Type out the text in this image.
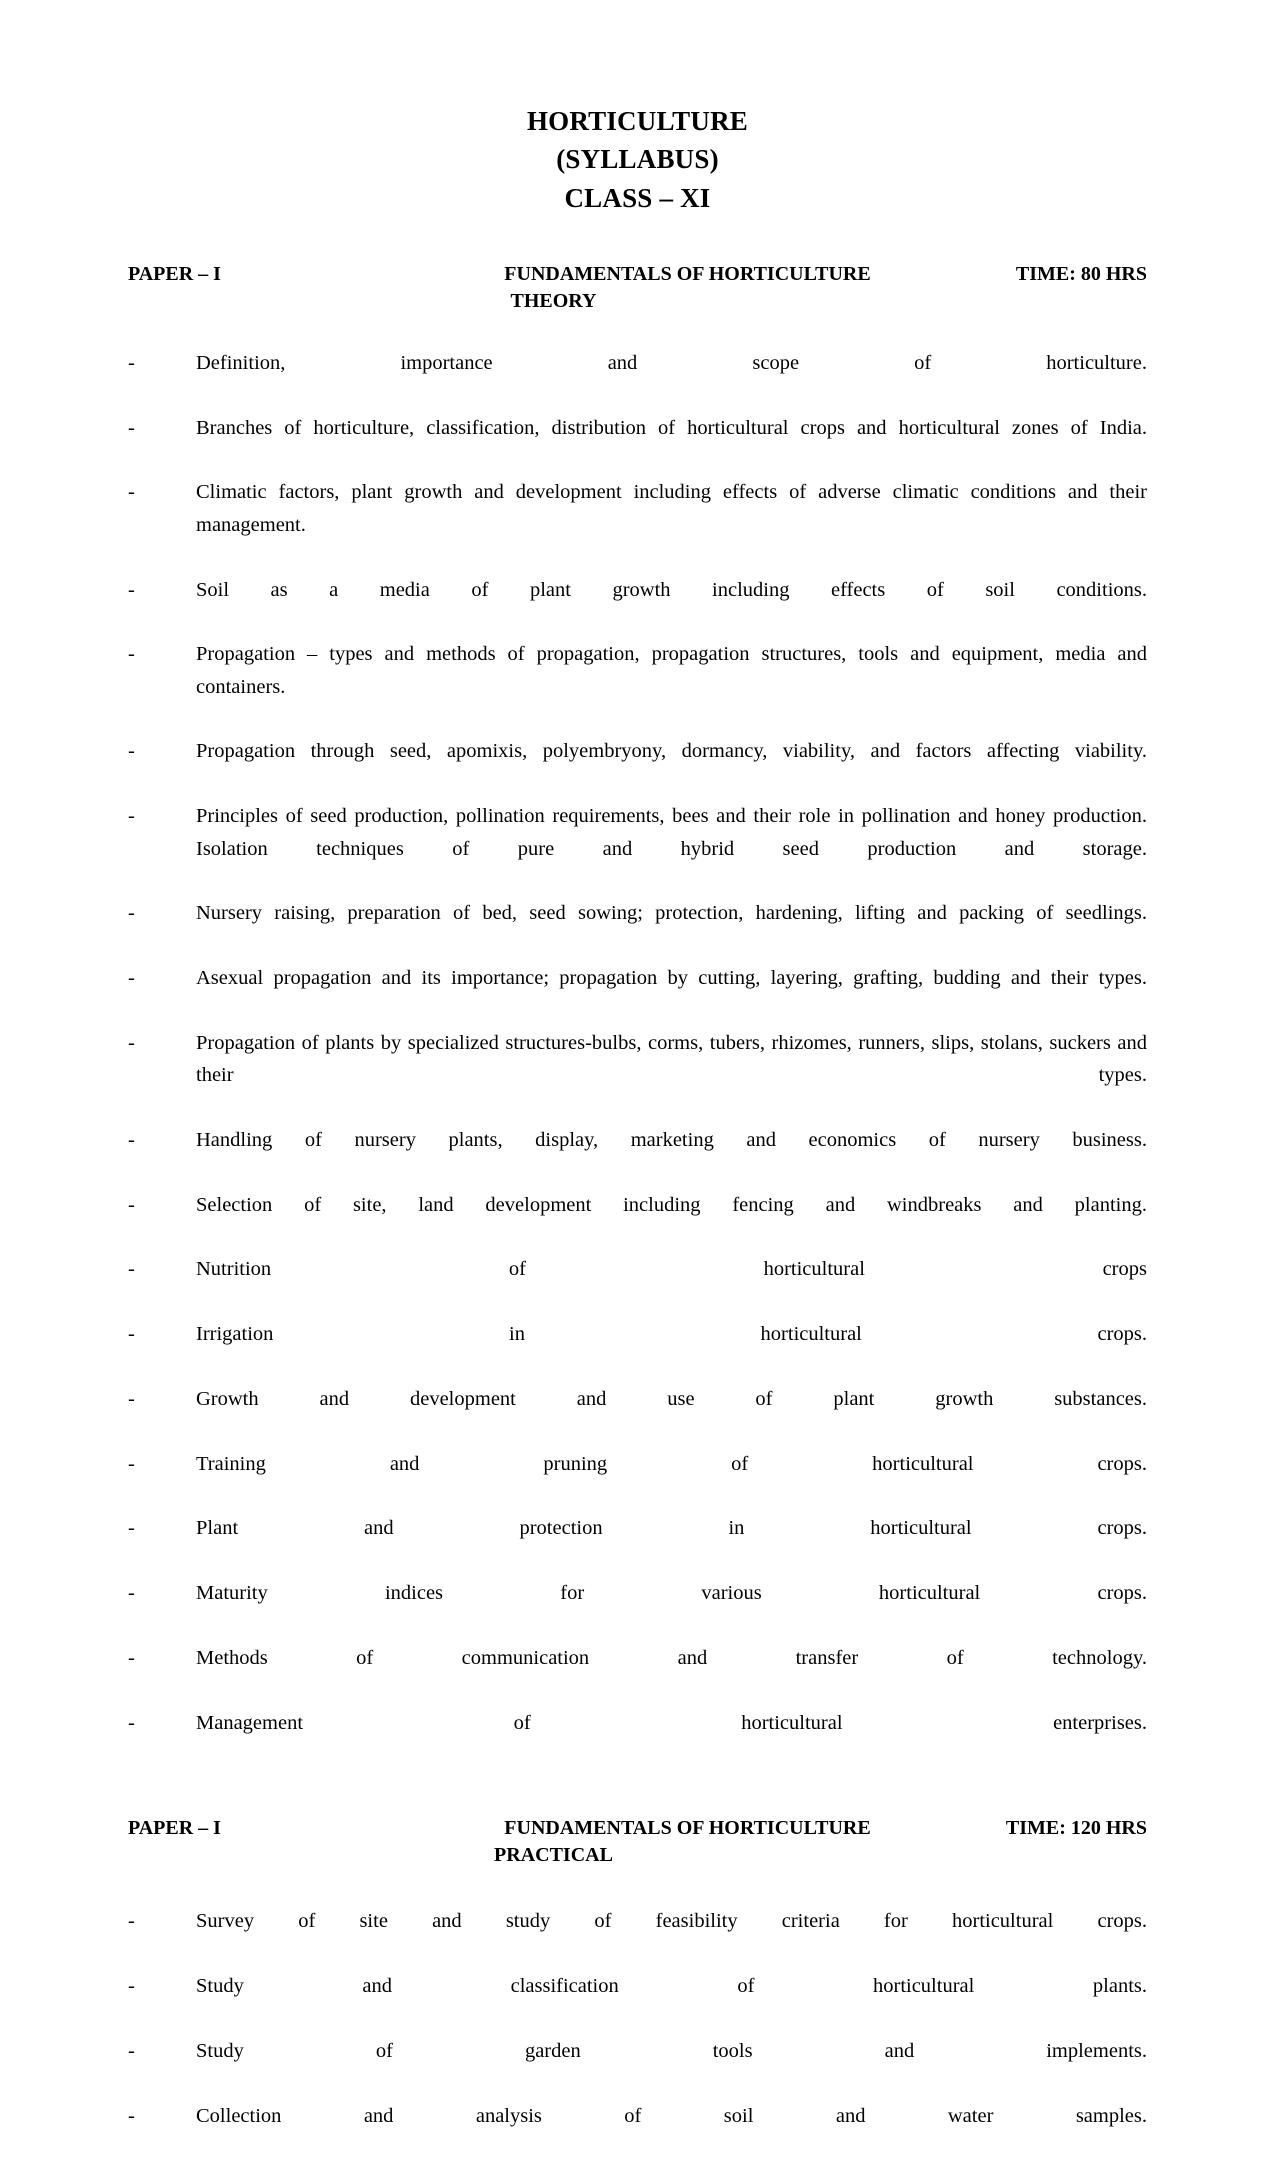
HORTICULTURE
(SYLLABUS)
CLASS – XI
PAPER – I	FUNDAMENTALS OF HORTICULTURE	TIME: 80 HRS
THEORY
-	Definition, importance and scope of horticulture.
-	Branches of horticulture, classification, distribution of horticultural crops and horticultural zones of India.
-	Climatic factors, plant growth and development including effects of adverse climatic conditions and their management.
-	Soil as a media of plant growth including effects of soil conditions.
-	Propagation – types and methods of propagation, propagation structures, tools and equipment, media and containers.
-	Propagation through seed, apomixis, polyembryony, dormancy, viability, and factors affecting viability.
-	Principles of seed production, pollination requirements, bees and their role in pollination and honey production.  Isolation techniques of pure and hybrid seed production and storage.
-	Nursery raising, preparation of bed, seed sowing; protection, hardening, lifting and packing of seedlings.
-	Asexual propagation and its importance; propagation by cutting, layering, grafting, budding and their types.
-	Propagation of plants by specialized structures-bulbs, corms, tubers, rhizomes, runners, slips, stolans, suckers and their types.
-	Handling of nursery plants, display, marketing and economics of nursery business.
-	Selection of site, land development including fencing and windbreaks and planting.
-	Nutrition of horticultural crops
-	Irrigation in horticultural crops.
-	Growth and development and use of plant growth substances.
-	Training and pruning of horticultural crops.
-	Plant and protection in horticultural crops.
-	Maturity indices for various horticultural crops.
-	Methods of communication and transfer of technology.
-	Management of horticultural enterprises.
PAPER – I	FUNDAMENTALS OF HORTICULTURE	TIME: 120 HRS
PRACTICAL
-	Survey of site and study of feasibility criteria for horticultural crops.
-	Study and classification of horticultural plants.
-	Study of garden tools and implements.
-	Collection and analysis of soil and water samples.
